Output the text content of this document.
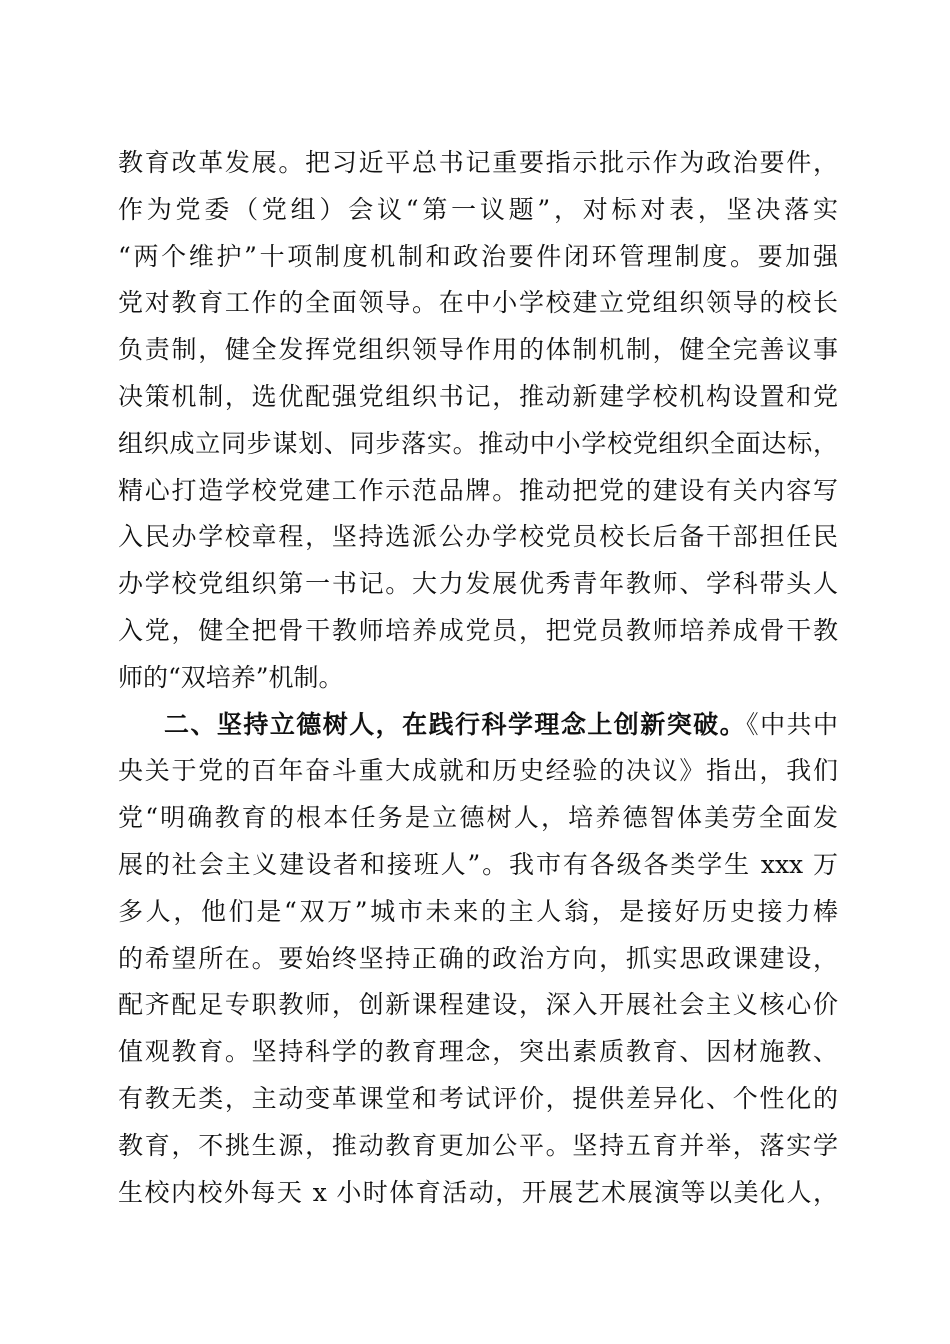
教育改革发展。把习近平总书记重要指示批示作为政治要件，
作为党委（党组）会议“第一议题”，对标对表，坚决落实
“两个维护”十项制度机制和政治要件闭环管理制度。要加强
党对教育工作的全面领导。在中小学校建立党组织领导的校长
负责制，健全发挥党组织领导作用的体制机制，健全完善议事
决策机制，选优配强党组织书记，推动新建学校机构设置和党
组织成立同步谋划、同步落实。推动中小学校党组织全面达标，
精心打造学校党建工作示范品牌。推动把党的建设有关内容写
入民办学校章程，坚持选派公办学校党员校长后备干部担任民
办学校党组织第一书记。大力发展优秀青年教师、学科带头人
入党，健全把骨干教师培养成党员，把党员教师培养成骨干教
师的“双培养”机制。
二、坚持立德树人，在践行科学理念上创新突破。《中共中
央关于党的百年奋斗重大成就和历史经验的决议》指出，我们
党“明确教育的根本任务是立德树人，培养德智体美劳全面发
展的社会主义建设者和接班人”。我市有各级各类学生 xxx 万
多人，他们是“双万”城市未来的主人翁，是接好历史接力棒
的希望所在。要始终坚持正确的政治方向，抓实思政课建设，
配齐配足专职教师，创新课程建设，深入开展社会主义核心价
值观教育。坚持科学的教育理念，突出素质教育、因材施教、
有教无类，主动变革课堂和考试评价，提供差异化、个性化的
教育，不挑生源，推动教育更加公平。坚持五育并举，落实学
生校内校外每天 x 小时体育活动，开展艺术展演等以美化人，
